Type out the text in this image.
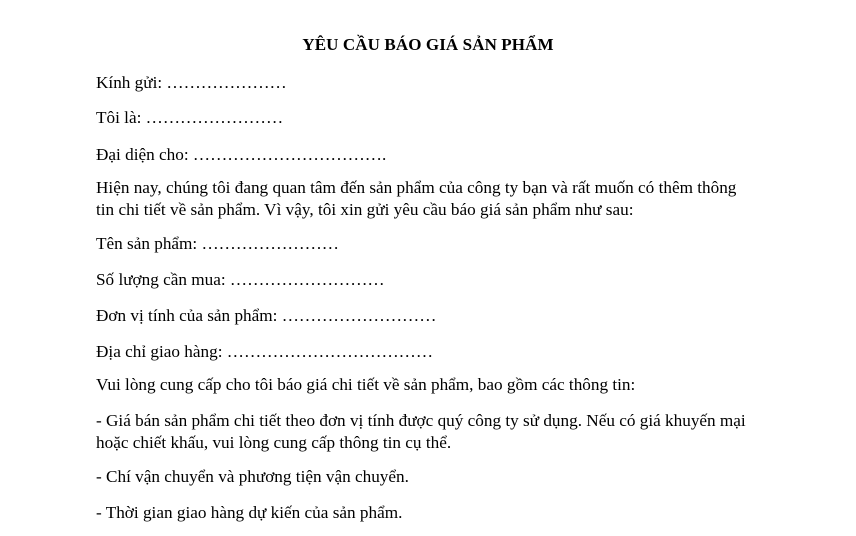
YÊU CẦU BÁO GIÁ SẢN PHẨM
Kính gửi: …………………
Tôi là: ……………………
Đại diện cho: …………………………….
Hiện nay, chúng tôi đang quan tâm đến sản phẩm của công ty bạn và rất muốn có thêm thông
tin chi tiết về sản phẩm. Vì vậy, tôi xin gửi yêu cầu báo giá sản phẩm như sau:
Tên sản phẩm: ……………………
Số lượng cần mua: ………………………
Đơn vị tính của sản phẩm: ………………………
Địa chỉ giao hàng: ………………………………
Vui lòng cung cấp cho tôi báo giá chi tiết về sản phẩm, bao gồm các thông tin:
- Giá bán sản phẩm chi tiết theo đơn vị tính được quý công ty sử dụng. Nếu có giá khuyến mại
hoặc chiết khấu, vui lòng cung cấp thông tin cụ thể.
- Chí vận chuyển và phương tiện vận chuyển.
- Thời gian giao hàng dự kiến của sản phẩm.
